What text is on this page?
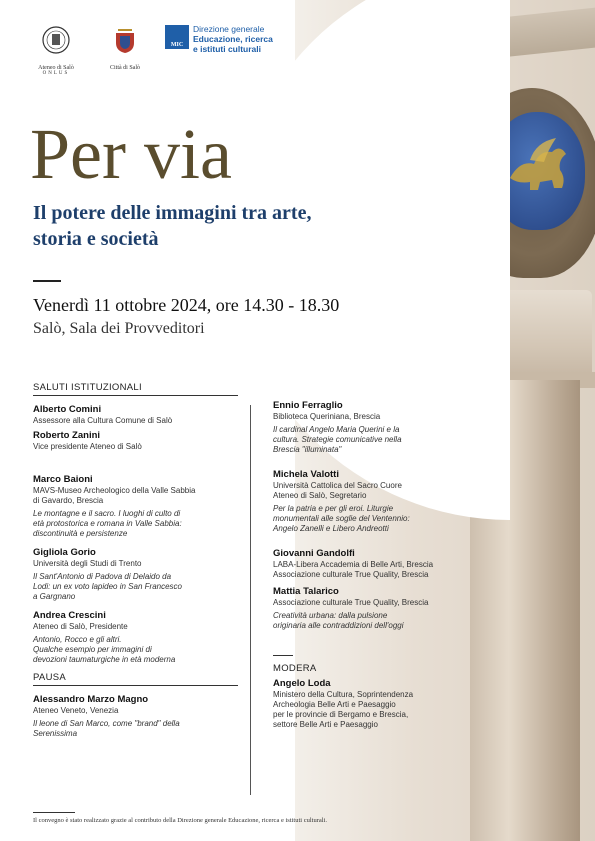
Ateneo di Salò
ONLUS
Città di Salò
MIC
Direzione generale
Educazione, ricerca
e istituti culturali
Per via
Il potere delle immagini tra arte,
storia e società
Venerdì 11 ottobre 2024, ore 14.30 - 18.30
Salò, Sala dei Provveditori

SALUTI ISTITUZIONALI

Alberto Comini
Assessore alla Cultura Comune di Salò
Roberto Zanini
Vice presidente Ateneo di Salò
Marco Baioni
MAVS-Museo Archeologico della Valle Sabbia
di Gavardo, Brescia
Le montagne e il sacro. I luoghi di culto di
età protostorica e romana in Valle Sabbia:
discontinuità e persistenze
Gigliola Gorio
Università degli Studi di Trento
Il Sant'Antonio di Padova di Delaido da
Lodi: un ex voto lapideo in San Francesco
a Gargnano
Andrea Crescini
Ateneo di Salò, Presidente
Antonio, Rocco e gli altri.
Qualche esempio per immagini di
devozioni taumaturgiche in età moderna

PAUSA

Alessandro Marzo Magno
Ateneo Veneto, Venezia
Il leone di San Marco, come "brand" della
Serenissima
Ennio Ferraglio
Biblioteca Queriniana, Brescia
Il cardinal Angelo Maria Querini e la
cultura. Strategie comunicative nella
Brescia "illuminata"
Michela Valotti
Università Cattolica del Sacro Cuore
Ateneo di Salò, Segretario
Per la patria e per gli eroi. Liturgie
monumentali alle soglie del Ventennio:
Angelo Zanelli e Libero Andreotti
Giovanni Gandolfi
LABA-Libera Accademia di Belle Arti, Brescia
Associazione culturale True Quality, Brescia
Mattia Talarico
Associazione culturale True Quality, Brescia
Creatività urbana: dalla pulsione
originaria alle contraddizioni dell'oggi

MODERA

Angelo Loda
Ministero della Cultura, Soprintendenza
Archeologia Belle Arti e Paesaggio
per le provincie di Bergamo e Brescia,
settore Belle Arti e Paesaggio
Il convegno è stato realizzato grazie al contributo della Direzione generale Educazione, ricerca e istituti culturali.
